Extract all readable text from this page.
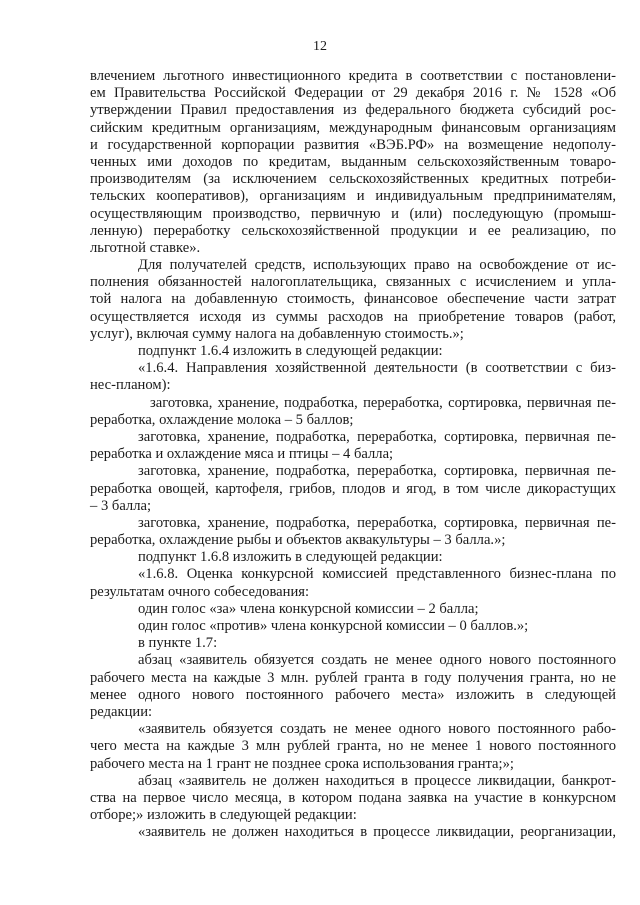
12
влечением льготного инвестиционного кредита в соответствии с постановлени-
ем Правительства Российской Федерации от 29 декабря 2016 г. № 1528 «Об
утверждении Правил предоставления из федерального бюджета субсидий рос-
сийским кредитным организациям, международным финансовым организациям
и государственной корпорации развития «ВЭБ.РФ» на возмещение недополу-
ченных ими доходов по кредитам, выданным сельскохозяйственным товаро-
производителям (за исключением сельскохозяйственных кредитных потреби-
тельских кооперативов), организациям и индивидуальным предпринимателям,
осуществляющим производство, первичную и (или) последующую (промыш-
ленную) переработку сельскохозяйственной продукции и ее реализацию, по
льготной ставке».
Для получателей средств, использующих право на освобождение от ис-
полнения обязанностей налогоплательщика, связанных с исчислением и упла-
той налога на добавленную стоимость, финансовое обеспечение части затрат
осуществляется исходя из суммы расходов на приобретение товаров (работ,
услуг), включая сумму налога на добавленную стоимость.»;
подпункт 1.6.4 изложить в следующей редакции:
«1.6.4. Направления хозяйственной деятельности (в соответствии с биз-
нес-планом):
заготовка, хранение, подработка, переработка, сортировка, первичная пе-
реработка, охлаждение молока – 5 баллов;
заготовка, хранение, подработка, переработка, сортировка, первичная пе-
реработка и охлаждение мяса и птицы – 4 балла;
заготовка, хранение, подработка, переработка, сортировка, первичная пе-
реработка овощей, картофеля, грибов, плодов и ягод, в том числе дикорастущих
– 3 балла;
заготовка, хранение, подработка, переработка, сортировка, первичная пе-
реработка, охлаждение рыбы и объектов аквакультуры – 3 балла.»;
подпункт 1.6.8 изложить в следующей редакции:
«1.6.8. Оценка конкурсной комиссией представленного бизнес-плана по
результатам очного собеседования:
один голос «за» члена конкурсной комиссии – 2 балла;
один голос «против» члена конкурсной комиссии – 0 баллов.»;
в пункте 1.7:
абзац «заявитель обязуется создать не менее одного нового постоянного
рабочего места на каждые 3 млн. рублей гранта в году получения гранта, но не
менее одного нового постоянного рабочего места» изложить в следующей
редакции:
«заявитель обязуется создать не менее одного нового постоянного рабо-
чего места на каждые 3 млн рублей гранта, но не менее 1 нового постоянного
рабочего места на 1 грант не позднее срока использования гранта;»;
абзац «заявитель не должен находиться в процессе ликвидации, банкрот-
ства на первое число месяца, в котором подана заявка на участие в конкурсном
отборе;» изложить в следующей редакции:
«заявитель не должен находиться в процессе ликвидации, реорганизации,
